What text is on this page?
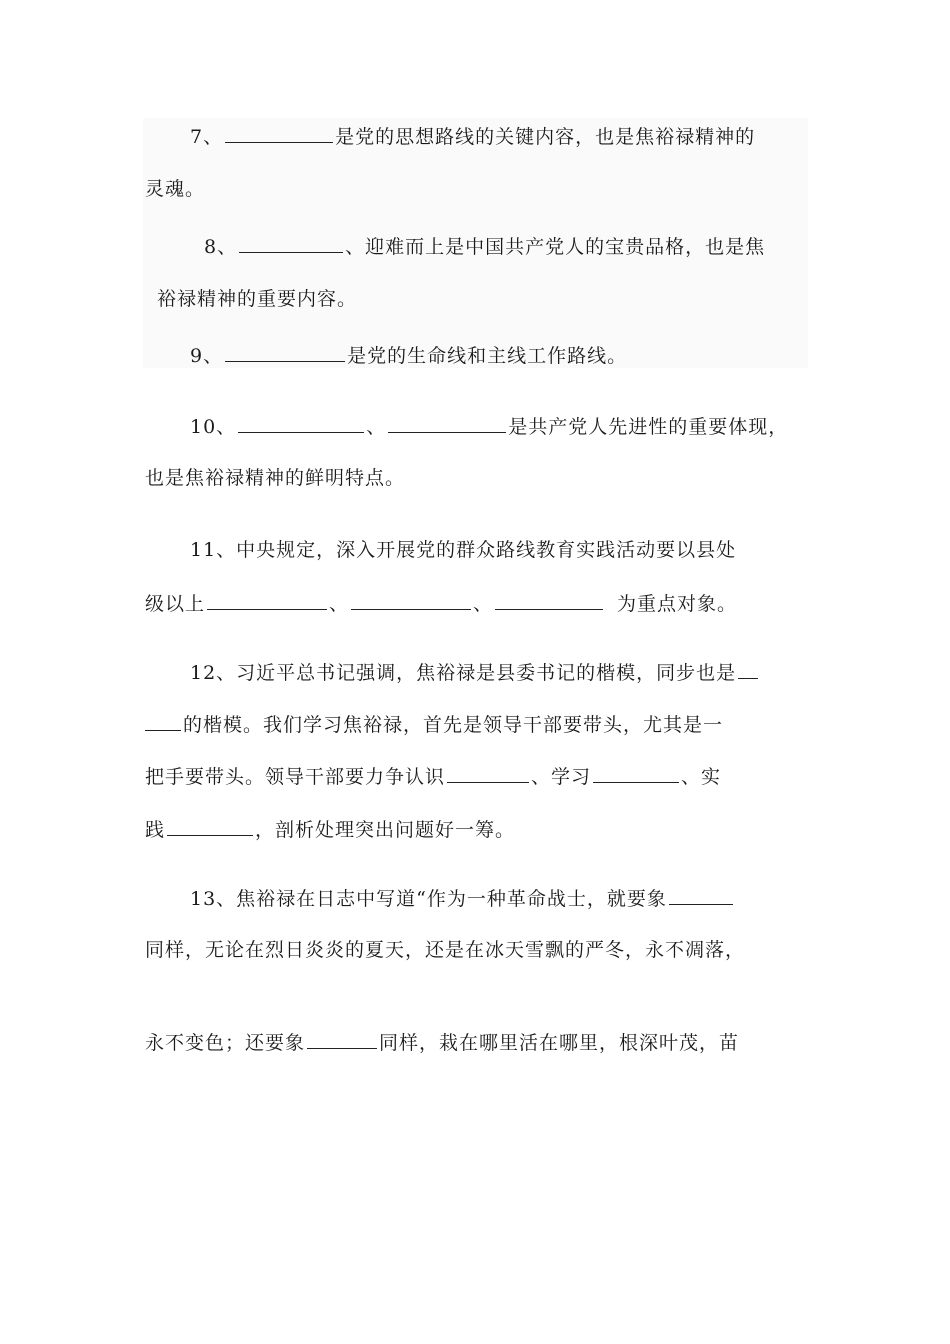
7、	是党的思想路线的关键内容，也是焦裕禄精神的
灵魂。
8、	、迎难而上是中国共产党人的宝贵品格，也是焦
裕禄精神的重要内容。
9、	是党的生命线和主线工作路线。
10、	、	是共产党人先进性的重要体现，
也是焦裕禄精神的鲜明特点。
11、中央规定，深入开展党的群众路线教育实践活动要以县处
级以上	、	、	为重点对象。
12、习近平总书记强调，焦裕禄是县委书记的楷模，同步也是
的楷模。我们学习焦裕禄，首先是领导干部要带头，尤其是一
把手要带头。领导干部要力争认识	、学习	、实
践	，剖析处理突出问题好一筹。
13、焦裕禄在日志中写道“作为一种革命战士，就要象
同样，无论在烈日炎炎的夏天，还是在冰天雪飘的严冬，永不凋落，
永不变色；还要象	同样，栽在哪里活在哪里，根深叶茂，苗
